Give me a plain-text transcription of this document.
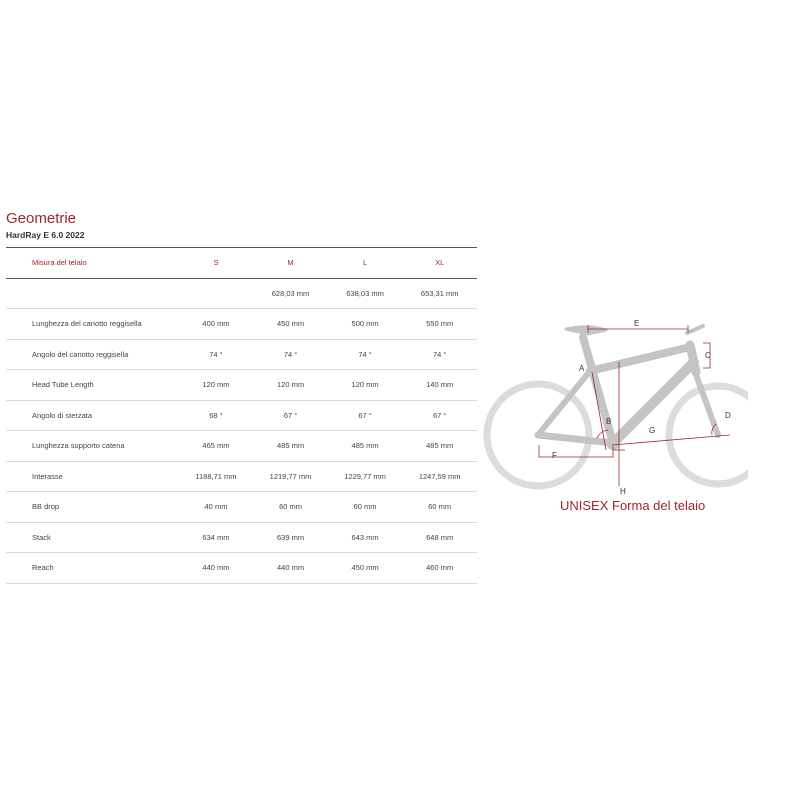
Geometrie
HardRay E 6.0 2022
Misura del telaio	S	M	L	XL
		628,03 mm	638,03 mm	653,31 mm
Lunghezza del canotto reggisella	400 mm	450 mm	500 mm	550 mm
Angolo del canotto reggisella	74 °	74 °	74 °	74 °
Head Tube Length	120 mm	120 mm	120 mm	140 mm
Angolo di sterzata	68 °	67 °	67 °	67 °
Lunghezza supporto catena	465 mm	485 mm	485 mm	485 mm
Interasse	1188,71 mm	1219,77 mm	1229,77 mm	1247,59 mm
BB drop	40 mm	60 mm	60 mm	60 mm
Stack	634 mm	639 mm	643 mm	648 mm
Reach	440 mm	440 mm	450 mm	460 mm
E
C
A
B
D
G
F
H
UNISEX Forma del telaio
